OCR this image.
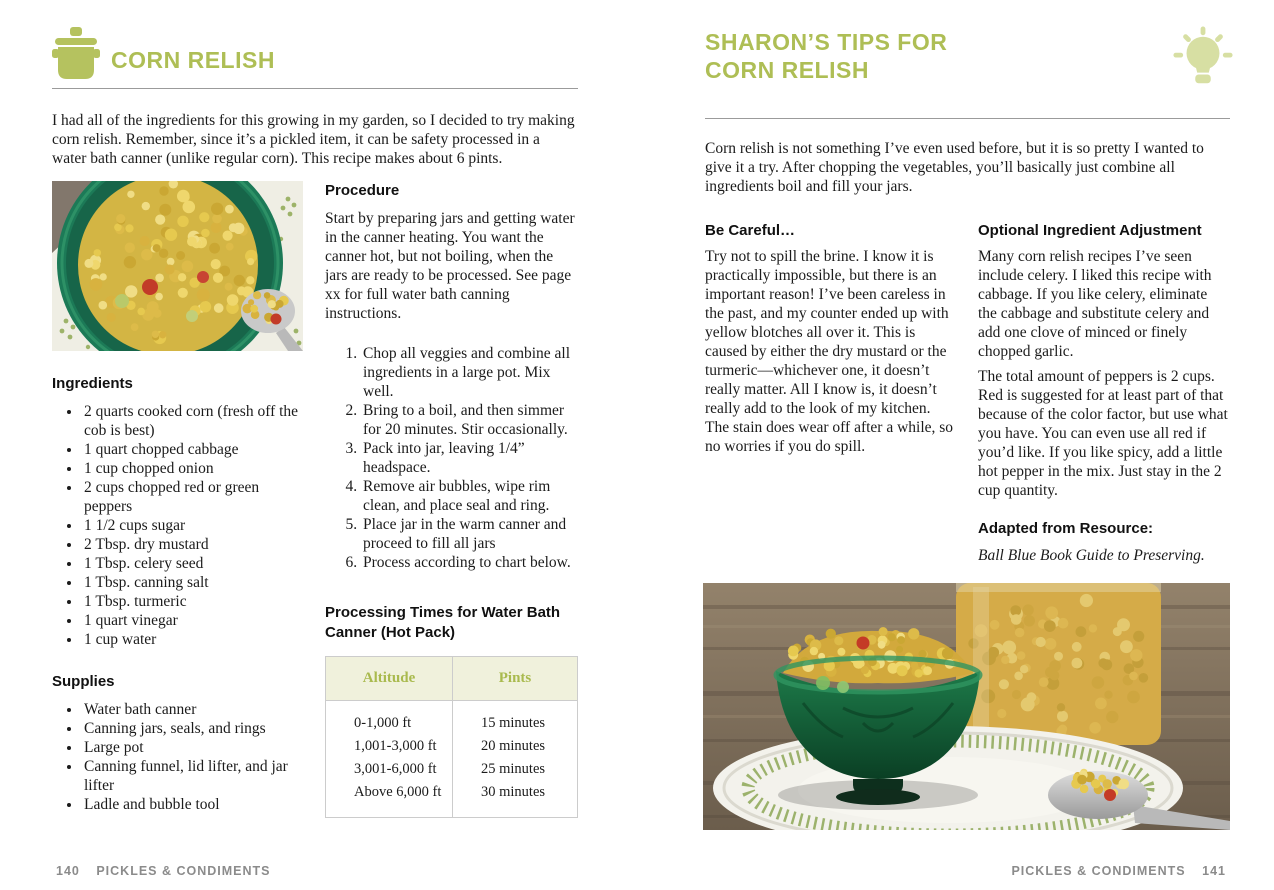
CORN RELISH

I had all of the ingredients for this growing in my garden, so I decided to try making corn relish. Remember, since it’s a pickled item, it can be safety processed in a water bath canner (unlike regular corn). This recipe makes about 6 pints.

Ingredients
• 2 quarts cooked corn (fresh off the cob is best)
• 1 quart chopped cabbage
• 1 cup chopped onion
• 2 cups chopped red or green peppers
• 1 1/2 cups sugar
• 2 Tbsp. dry mustard
• 1 Tbsp. celery seed
• 1 Tbsp. canning salt
• 1 Tbsp. turmeric
• 1 quart vinegar
• 1 cup water
Supplies
• Water bath canner
• Canning jars, seals, and rings
• Large pot
• Canning funnel, lid lifter, and jar lifter
• Ladle and bubble tool
Procedure

Start by preparing jars and getting water in the canner heating. You want the canner hot, but not boiling, when the jars are ready to be processed. See page xx for full water bath canning instructions.

1. Chop all veggies and combine all ingredients in a large pot. Mix well.
2. Bring to a boil, and then simmer for 20 minutes. Stir occasionally.
3. Pack into jar, leaving 1/4” headspace.
4. Remove air bubbles, wipe rim clean, and place seal and ring.
5. Place jar in the warm canner and proceed to fill all jars
6. Process according to chart below.
Processing Times for Water Bath Canner (Hot Pack)
Altitude	Pints
0-1,000 ft	15 minutes
1,001-3,000 ft	20 minutes
3,001-6,000 ft	25 minutes
Above 6,000 ft	30 minutes
SHARON’S TIPS FOR
CORN RELISH

Corn relish is not something I’ve even used before, but it is so pretty I wanted to give it a try. After chopping the vegetables, you’ll basically just combine all ingredients boil and fill your jars.

Be Careful…

Try not to spill the brine. I know it is practically impossible, but there is an important reason! I’ve been careless in the past, and my counter ended up with yellow blotches all over it. This is caused by either the dry mustard or the turmeric—whichever one, it doesn’t really matter. All I know is, it doesn’t really add to the look of my kitchen. The stain does wear off after a while, so no worries if you do spill.

Optional Ingredient Adjustment

Many corn relish recipes I’ve seen include celery. I liked this recipe with cabbage. If you like celery, eliminate the cabbage and substitute celery and add one clove of minced or finely chopped garlic.

The total amount of peppers is 2 cups. Red is suggested for at least part of that because of the color factor, but use what you have. You can even use all red if you’d like. If you like spicy, add a little hot pepper in the mix. Just stay in the 2 cup quantity.

Adapted from Resource:

Ball Blue Book Guide to Preserving.

140 PICKLES & CONDIMENTS	PICKLES & CONDIMENTS 141
